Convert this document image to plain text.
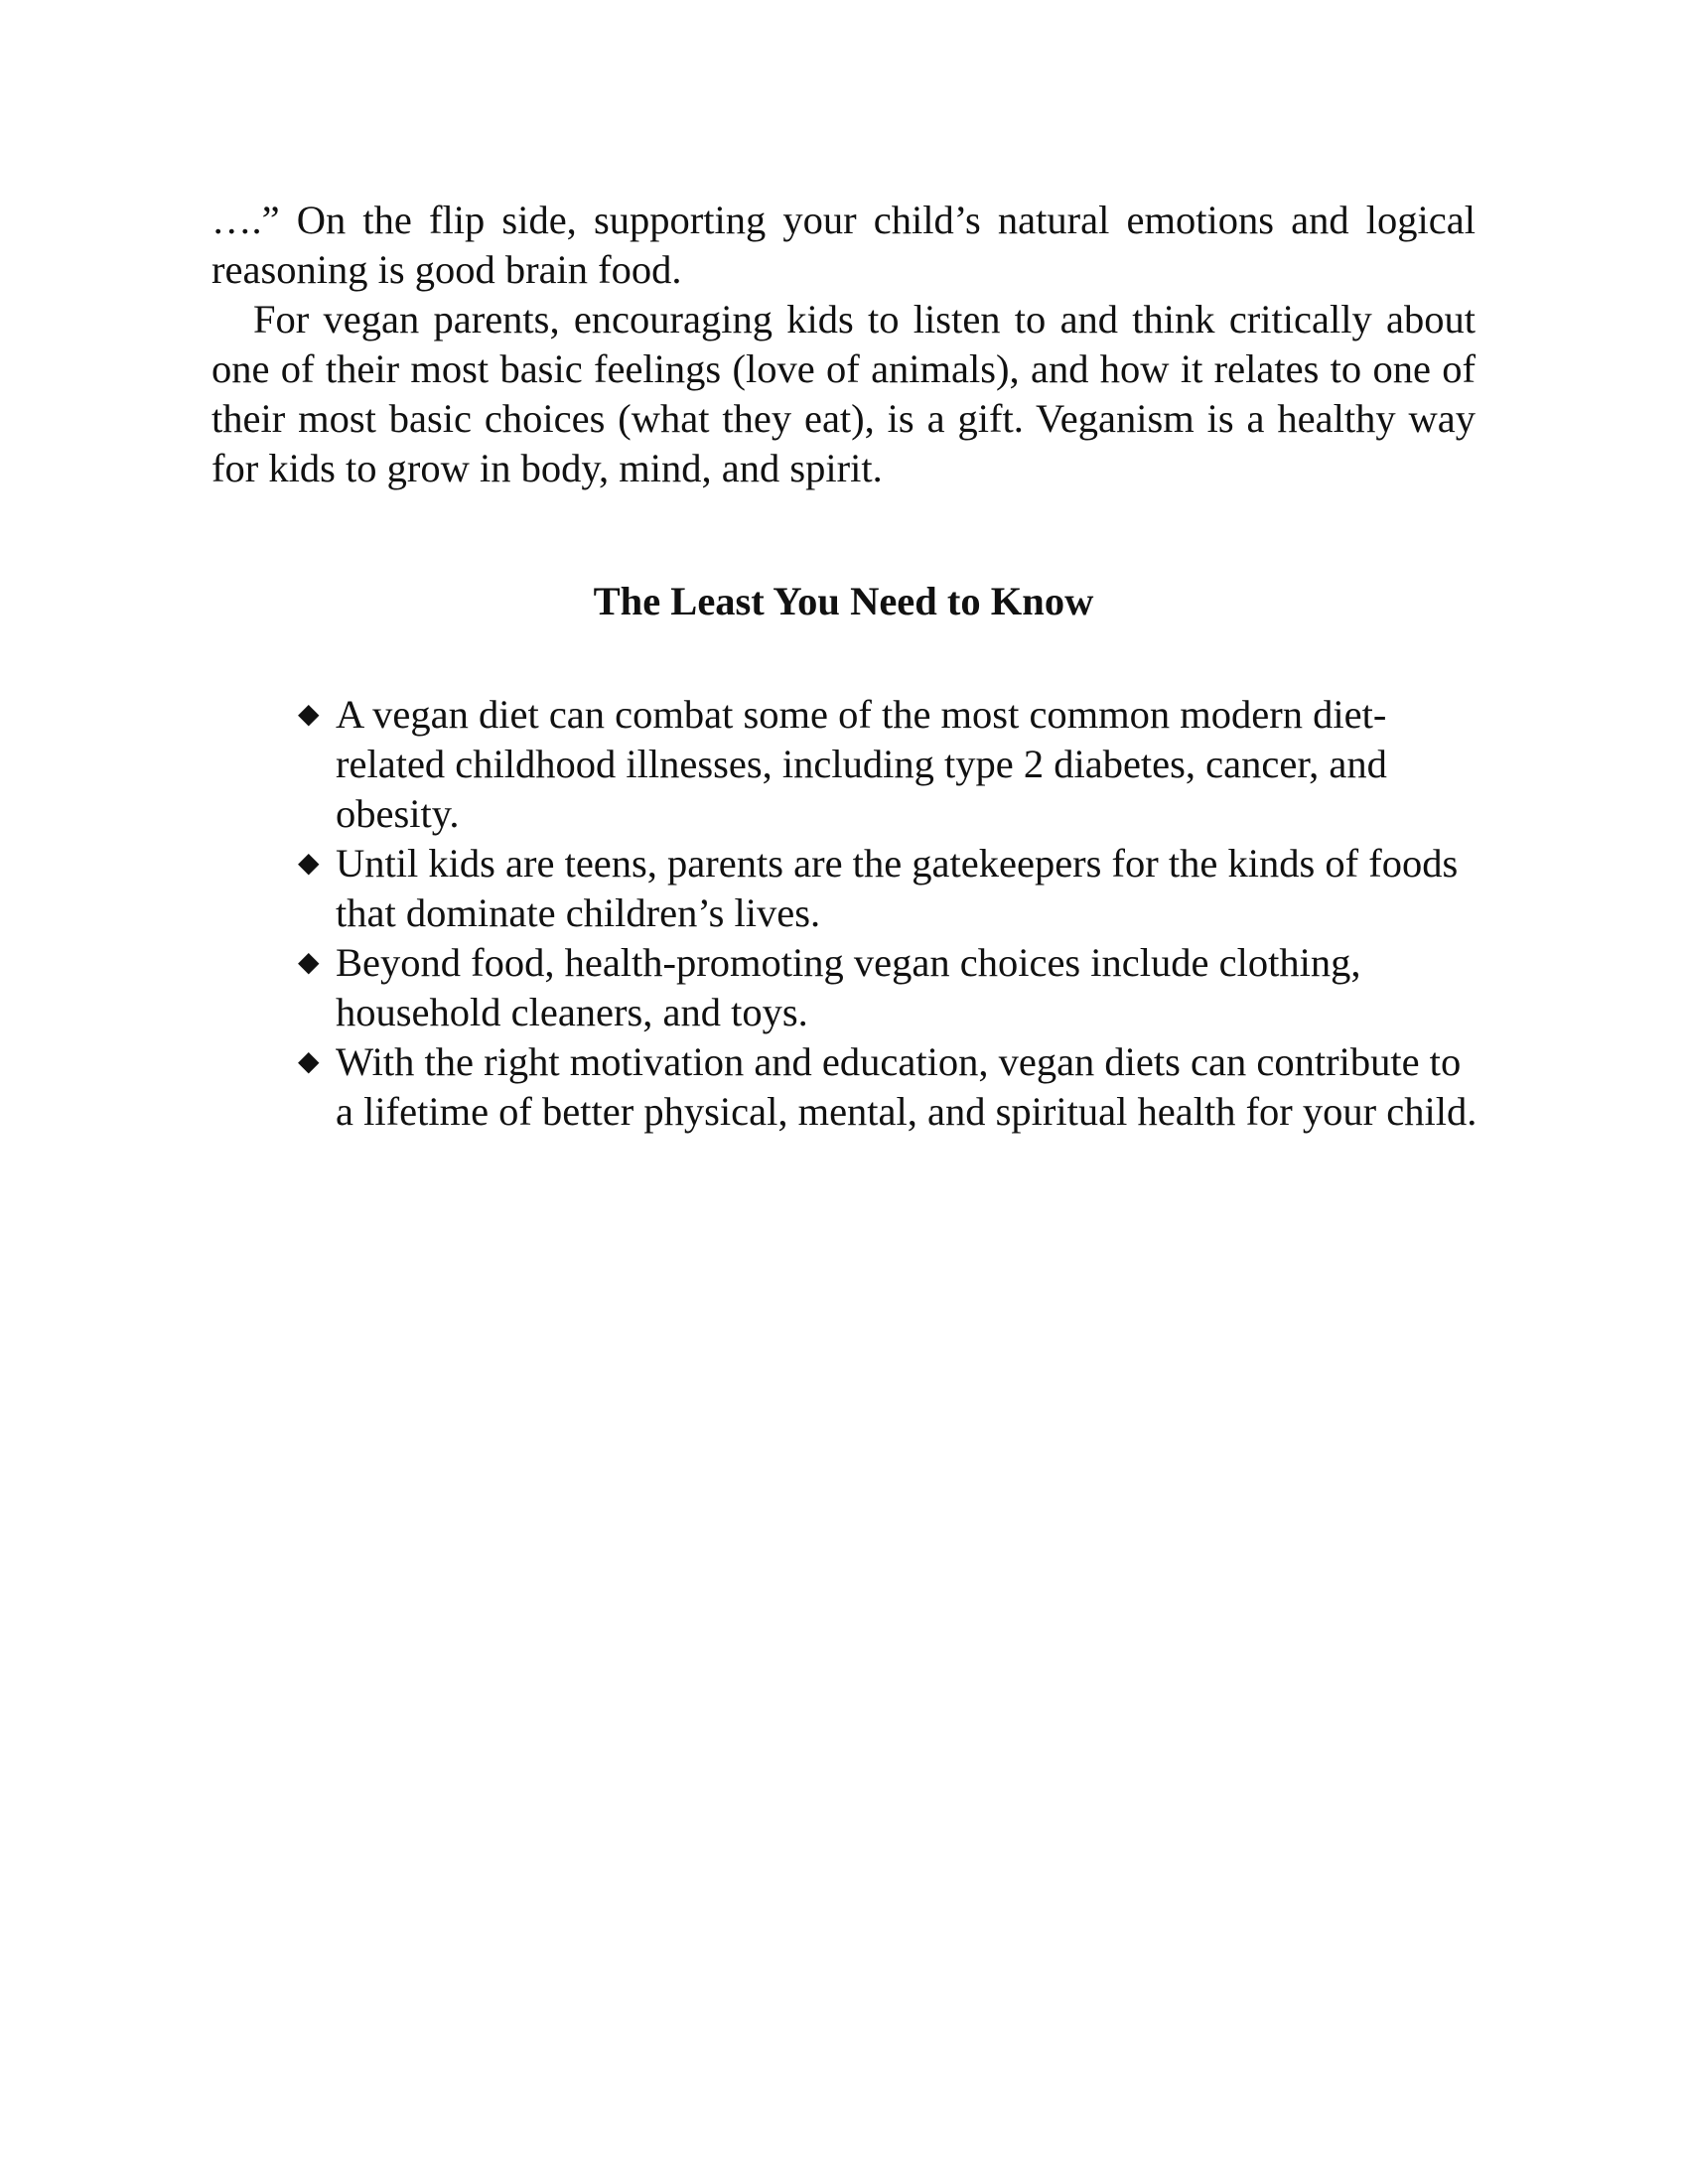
….” On the flip side, supporting your child’s natural emotions and logical reasoning is good brain food.

For vegan parents, encouraging kids to listen to and think critically about one of their most basic feelings (love of animals), and how it relates to one of their most basic choices (what they eat), is a gift. Veganism is a healthy way for kids to grow in body, mind, and spirit.

The Least You Need to Know
◆ A vegan diet can combat some of the most common modern diet-related childhood illnesses, including type 2 diabetes, cancer, and obesity.
◆ Until kids are teens, parents are the gatekeepers for the kinds of foods that dominate children’s lives.
◆ Beyond food, health-promoting vegan choices include clothing, household cleaners, and toys.
◆ With the right motivation and education, vegan diets can contribute to a lifetime of better physical, mental, and spiritual health for your child.
